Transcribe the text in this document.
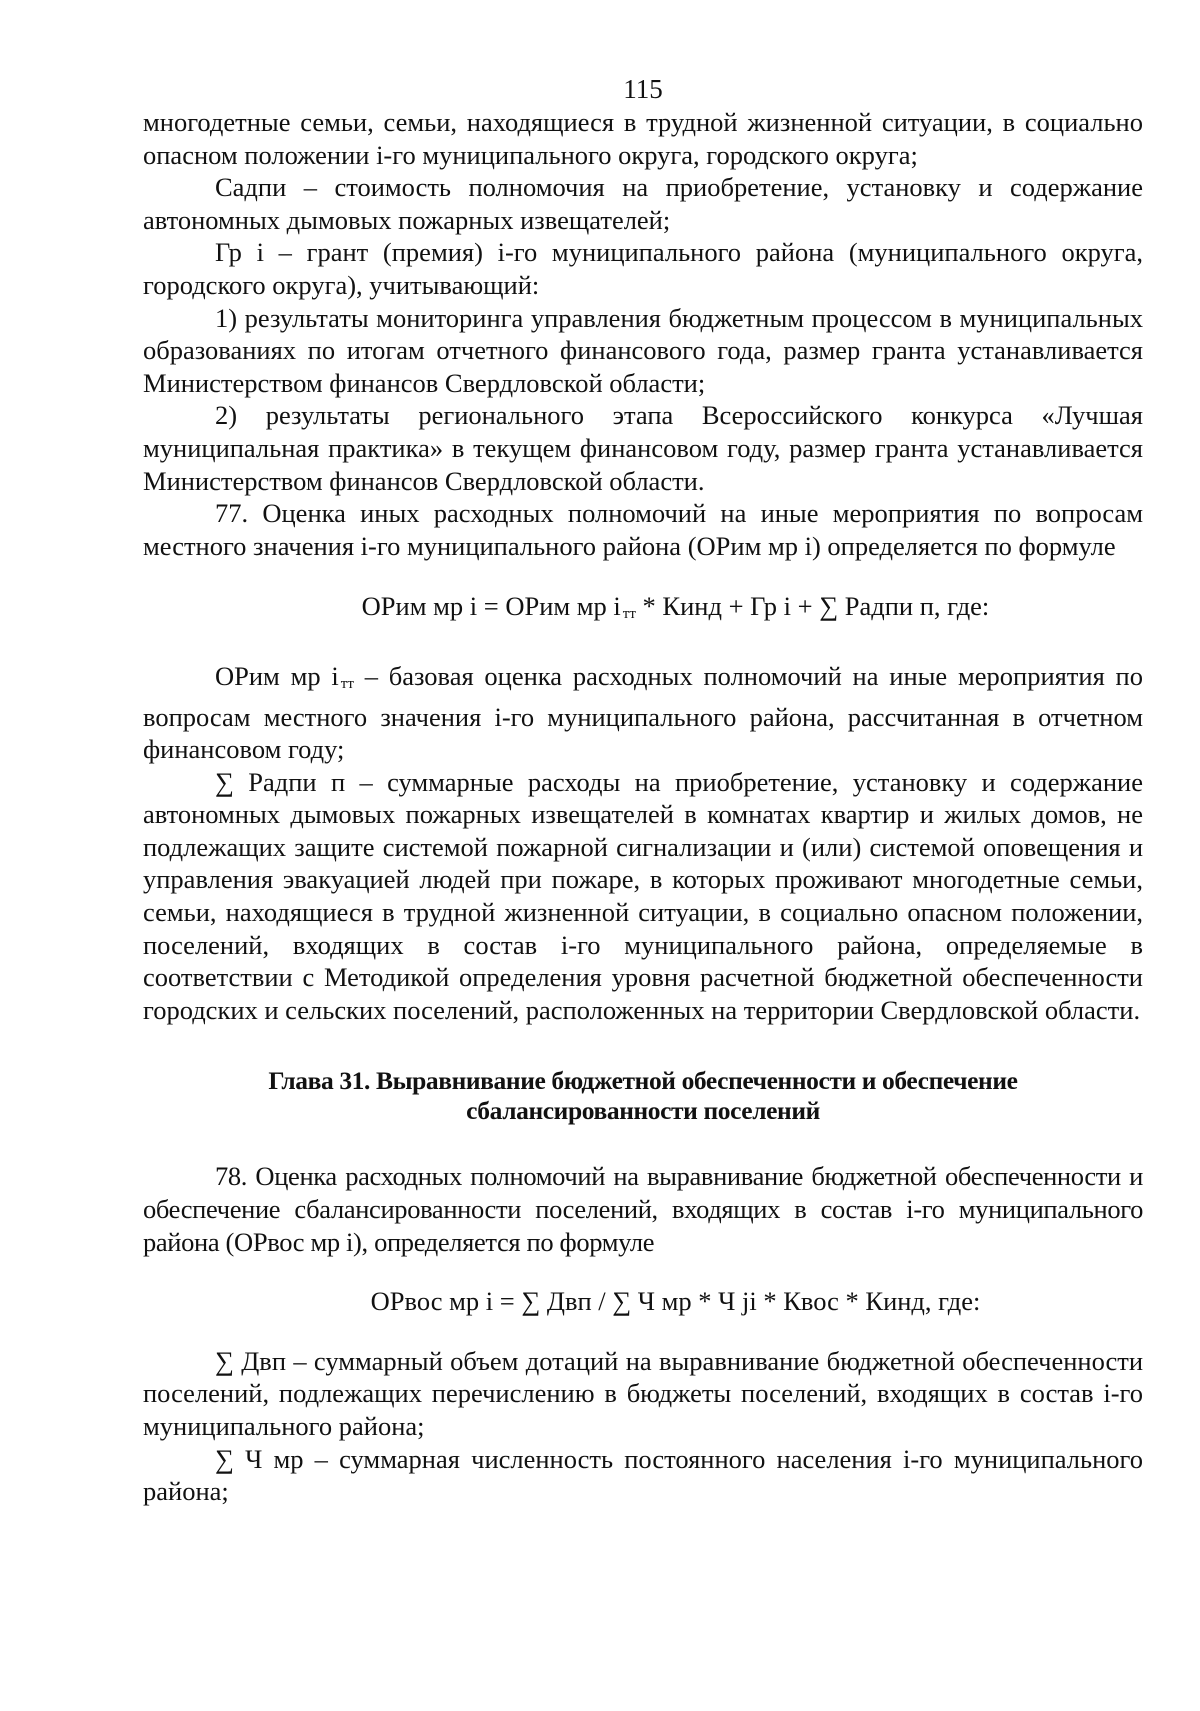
115

многодетные семьи, семьи, находящиеся в трудной жизненной ситуации, в социально опасном положении i-го муниципального округа, городского округа;

Садпи – стоимость полномочия на приобретение, установку и содержание автономных дымовых пожарных извещателей;

Гр i – грант (премия) i-го муниципального района (муниципального округа, городского округа), учитывающий:

1) результаты мониторинга управления бюджетным процессом в муниципальных образованиях по итогам отчетного финансового года, размер гранта устанавливается Министерством финансов Свердловской области;

2) результаты регионального этапа Всероссийского конкурса «Лучшая муниципальная практика» в текущем финансовом году, размер гранта устанавливается Министерством финансов Свердловской области.

77. Оценка иных расходных полномочий на иные мероприятия по вопросам местного значения i-го муниципального района (ОРим мр i) определяется по формуле

ОРим мр i = ОРим мр i $_{тт}$ * Кинд + Гр i + ∑ Радпи п, где:

ОРим мр i $_{тт}$ – базовая оценка расходных полномочий на иные мероприятия по вопросам местного значения i-го муниципального района, рассчитанная в отчетном финансовом году;

∑ Радпи п – суммарные расходы на приобретение, установку и содержание автономных дымовых пожарных извещателей в комнатах квартир и жилых домов, не подлежащих защите системой пожарной сигнализации и (или) системой оповещения и управления эвакуацией людей при пожаре, в которых проживают многодетные семьи, семьи, находящиеся в трудной жизненной ситуации, в социально опасном положении, поселений, входящих в состав i-го муниципального района, определяемые в соответствии с Методикой определения уровня расчетной бюджетной обеспеченности городских и сельских поселений, расположенных на территории Свердловской области.

Глава 31. Выравнивание бюджетной обеспеченности и обеспечение
сбалансированности поселений

78. Оценка расходных полномочий на выравнивание бюджетной обеспеченности и обеспечение сбалансированности поселений, входящих в состав i-го муниципального района (ОРвос мр i), определяется по формуле

ОРвос мр i = ∑ Двп / ∑ Ч мр * Ч ji * Квос * Кинд, где:

∑ Двп – суммарный объем дотаций на выравнивание бюджетной обеспеченности поселений, подлежащих перечислению в бюджеты поселений, входящих в состав i-го муниципального района;

∑ Ч мр – суммарная численность постоянного населения i-го муниципального района;
